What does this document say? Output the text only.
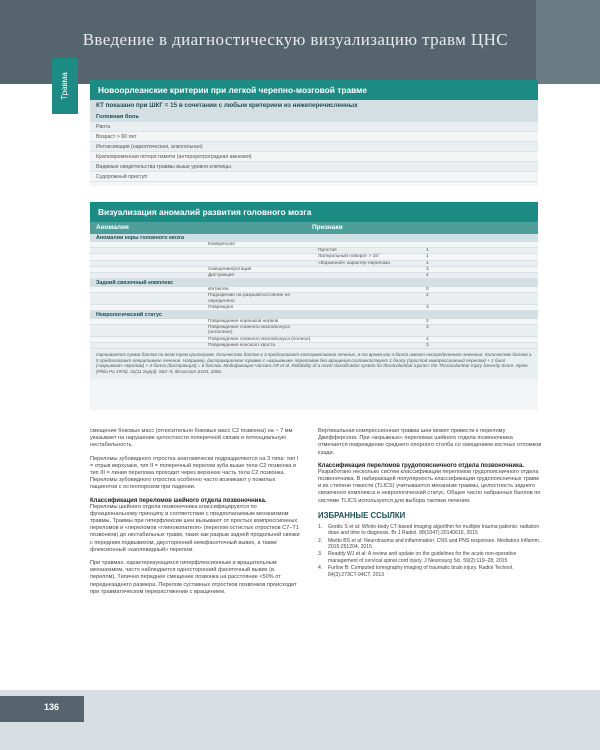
Введение в диагностическую визуализацию травм ЦНС
Травма	Новоорлеанские критерии при легкой черепно-мозговой травме
КТ показано при ШКГ = 15 в сочетании с любым критерием из нижеперечисленных
Головная боль
Рвота
Возраст > 60 лет
Интоксикация (наркотическая, алкогольная)
Кратковременная потеря памяти (антероретроградная амнезия)
Видимые свидетельства травмы выше уровня ключицы
Судорожный приступ
Визуализация аномалий развития головного мозга
Аномалия	Признаки
Аномалии коры головного мозга
Компрессия
Простая	1
Латеральный поворот > 15°	1
«Взрывной» характер перелома	1
Смещение/ротация	3
Дистракция	4
Задний связочный комплекс
Интактен	0
Подозрение на разрыв/состояние не определено
2
Поврежден	3
Неврологический статус
Повреждение корешков нервов	2
Повреждение спинного мозга/конуса (неполное)
3
Повреждение спинного мозга/конуса (полное)	2
Повреждение конского хвоста	3
Оценивается сумма баллов по всем трем критериям. Количество баллов ≤ 3 предполагает консервативное лечение, в то время как 4 балла имеют неопределенное значение. Количество баллов ≥ 5 предполагает оперативное лечение. Например, дистракционная травма с «взрывным» переломом без вращения соответствует 1 баллу (простой компрессионный перелом) + 1 балл («взрывной» перелом) + 4 балла (дистракция) = 6 баллов. Модификация Vaccaro AR et al. Reliability of a novel classification system for thoracolumbar injuries: the Thoracolumbar Injury Severity Score. Spine (Phila Pa 1976). 31(11 Suppl): S62–9; discussion S104, 2006.

смещение боковых масс (относительно боковых масс С2 позвонка) на ~ 7 мм указывает на нарушение целостности поперечной связки и потенциальную нестабильность.

Переломы зубовидного отростка анатомически подразделяются на 3 типа: тип I = отрыв верхушки, тип II = поперечный перелом зуба выше тела С2 позвонка и тип III = линия перелома проходит через верхнюю часть тела С2 позвонка. Переломы зубовидного отростка особенно часто возникают у пожилых пациентов с остеопорозом при падении.

Классификация переломов шейного отдела позвоночника.

Переломы шейного отдела позвоночника классифицируются по функциональному принципу в соответствии с предполагаемым механизмом травмы. Травмы при гиперфлексии шеи вызывают от простых компрессионных переломов и «переломов «глинокопателя» (перелом остистых отростков С7–Т1 позвонков) до нестабильных травм, таких как разрыв задней продольной связки с передним подвывихом, двусторонний межфасеточный вывих, а также флексионный «каплевидный» перелом.

При травмах, характеризующихся гиперфлексионным и вращательным механизмом, часто наблюдается односторонний фасеточный вывих (в. перелом). Типично переднее смещение позвонка на расстояние <50% от переднезаднего размера. Перелом суставных отростков позвонков происходит при травматическом перерастяжении с вращением.

Вертикальная компрессионная травма шеи может привести к перелому Джефферсона. При «взрывных» переломах шейного отдела позвоночника отмечается повреждение среднего опорного столба со смещением костных отломков кзади.

Классификация переломов грудопоясничного отдела позвоночника.

Разработано несколько систем классификации переломов грудопоясничного отдела позвоночника. В набирающей популярность классификации грудопоясничных травм и их степени тяжести (TLICS) учитываются механизм травмы, целостность заднего связочного комплекса и неврологический статус. Общее число набранных баллов по системе TLICS используется для выбора тактики лечения.

ИЗБРАННЫЕ ССЫЛКИ
1.	Gordic S et al: Whole-body CT-based imaging algorithm for multiple trauma patients: radiation dose and time to diagnosis. Br J Radiol. 88(1047):20140616, 2015
2.	Mietto BS et al: Neurotrauma and inflammation: CNS and PNS responses. Mediators Inflamm. 2015:251204, 2015
3.	Readdy WJ et al: A review and update on the guidelines for the acute non-operative management of cervical spinal cord injury. J Neurosurg Sci. 59(2):119–28, 2015
4.	Furlow B: Computed tomography imaging of traumatic brain injury. Radiol Technol. 84(3):273CT-94CT, 2013
136
